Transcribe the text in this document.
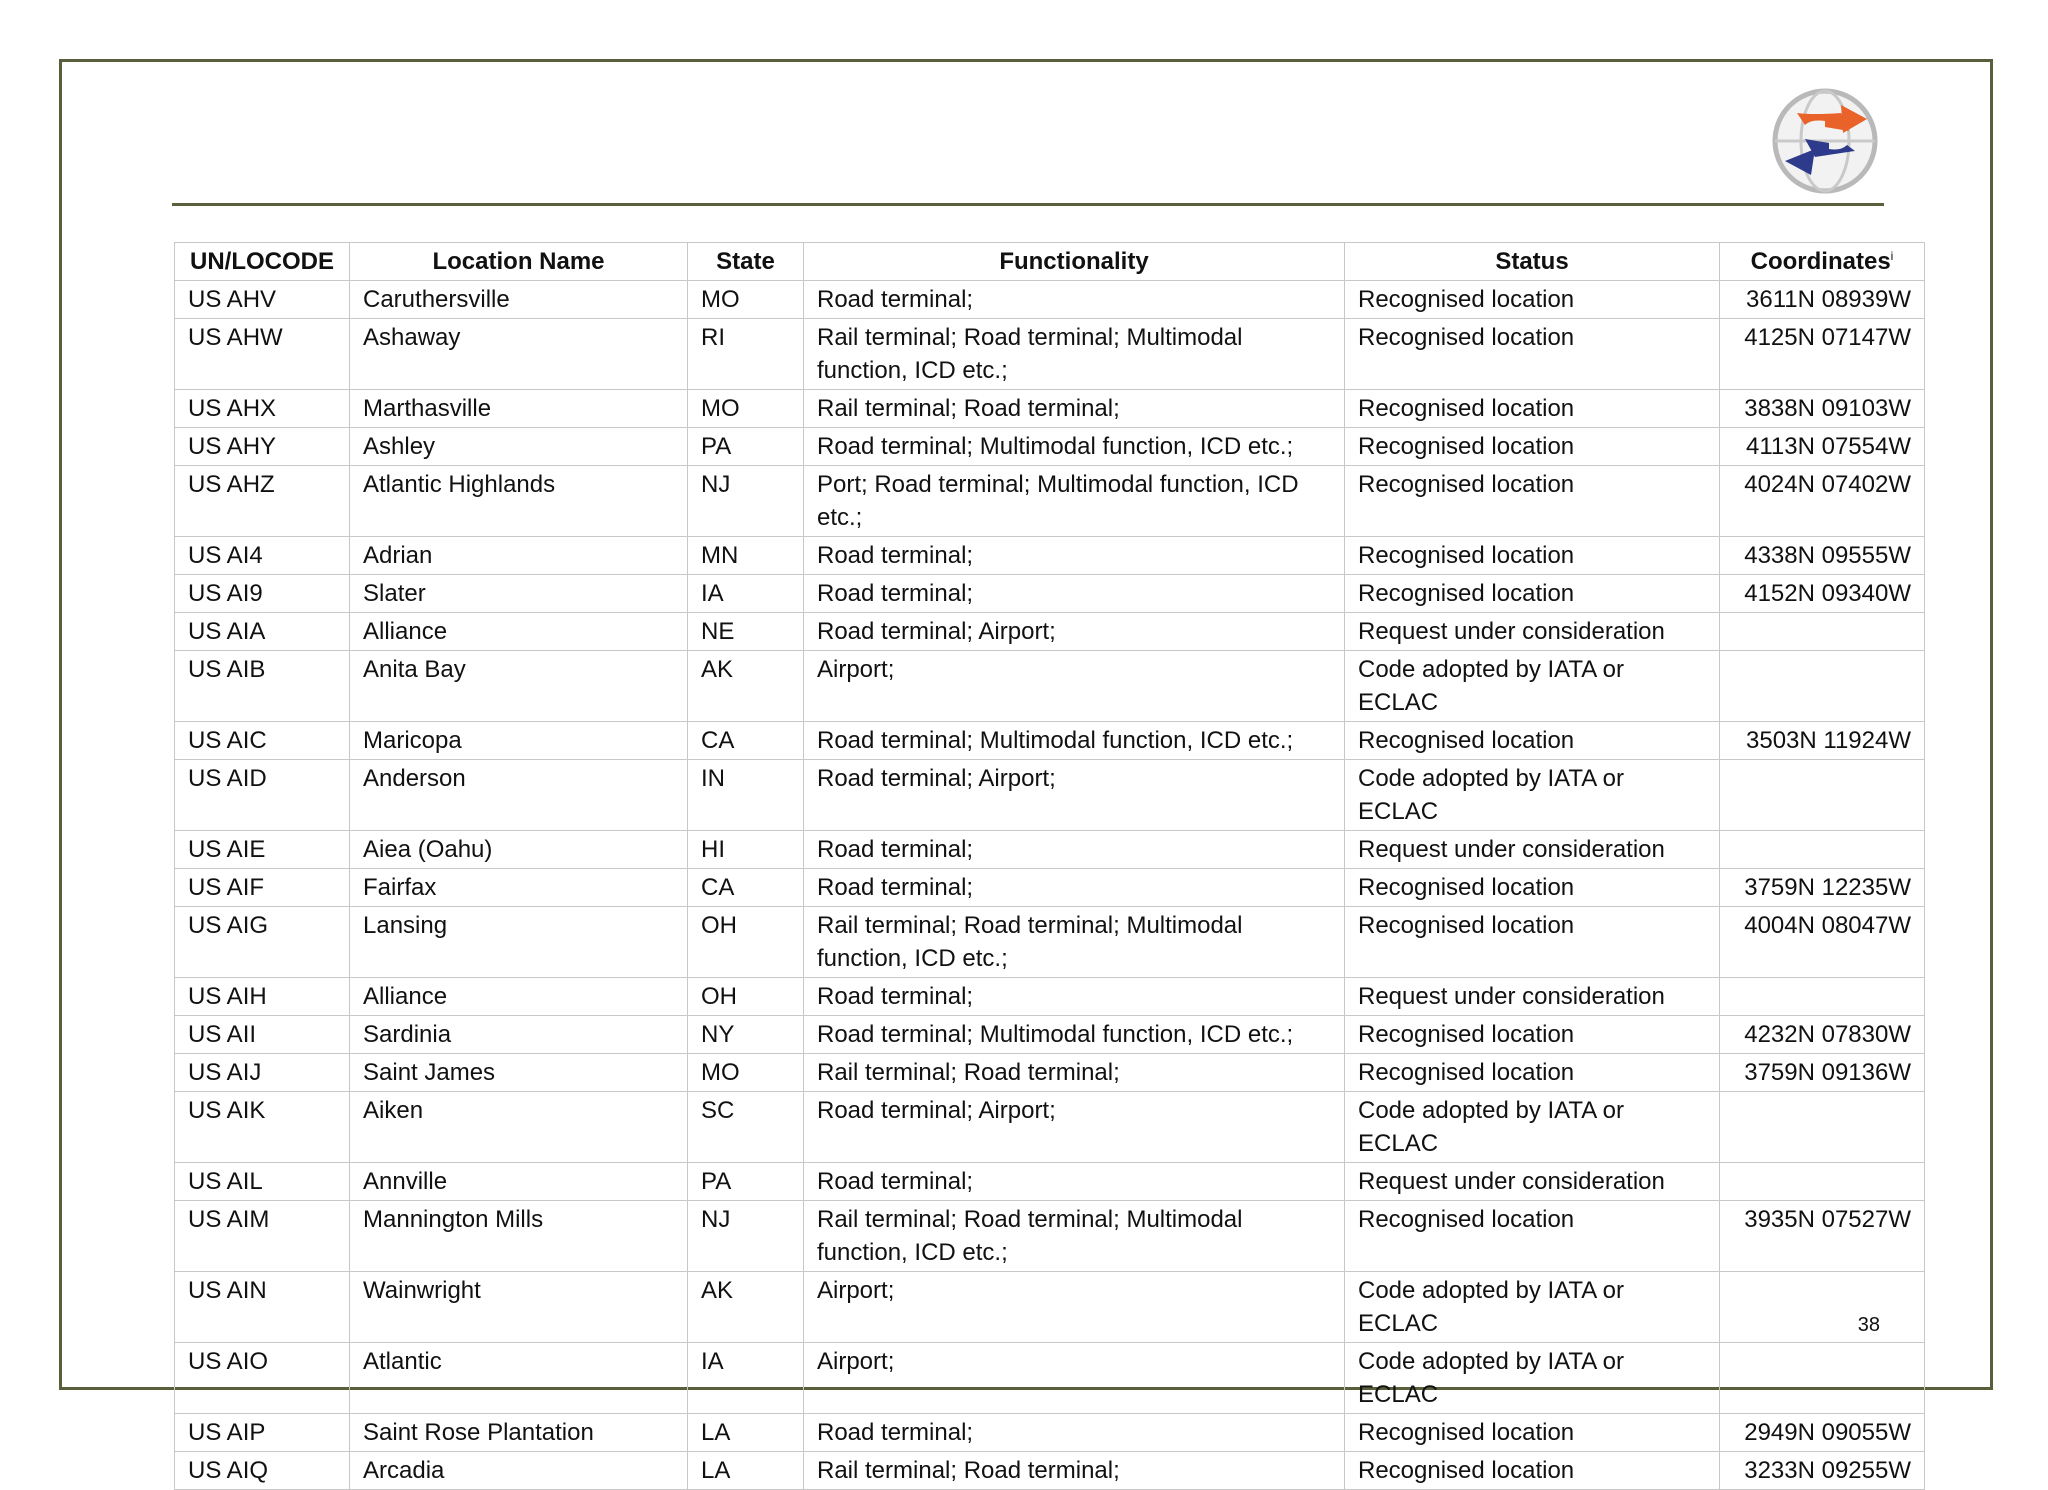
UN/LOCODE	Location Name	State	Functionality	Status	Coordinates$^i$
US AHV	Caruthersville	MO	Road terminal;	Recognised location	3611N 08939W
US AHW	Ashaway	RI	Rail terminal; Road terminal; Multimodal function, ICD etc.;	Recognised location	4125N 07147W
US AHX	Marthasville	MO	Rail terminal; Road terminal;	Recognised location	3838N 09103W
US AHY	Ashley	PA	Road terminal; Multimodal function, ICD etc.;	Recognised location	4113N 07554W
US AHZ	Atlantic Highlands	NJ	Port; Road terminal; Multimodal function, ICD etc.;	Recognised location	4024N 07402W
US AI4	Adrian	MN	Road terminal;	Recognised location	4338N 09555W
US AI9	Slater	IA	Road terminal;	Recognised location	4152N 09340W
US AIA	Alliance	NE	Road terminal; Airport;	Request under consideration	
US AIB	Anita Bay	AK	Airport;	Code adopted by IATA or ECLAC	
US AIC	Maricopa	CA	Road terminal; Multimodal function, ICD etc.;	Recognised location	3503N 11924W
US AID	Anderson	IN	Road terminal; Airport;	Code adopted by IATA or ECLAC	
US AIE	Aiea (Oahu)	HI	Road terminal;	Request under consideration	
US AIF	Fairfax	CA	Road terminal;	Recognised location	3759N 12235W
US AIG	Lansing	OH	Rail terminal; Road terminal; Multimodal function, ICD etc.;	Recognised location	4004N 08047W
US AIH	Alliance	OH	Road terminal;	Request under consideration	
US AII	Sardinia	NY	Road terminal; Multimodal function, ICD etc.;	Recognised location	4232N 07830W
US AIJ	Saint James	MO	Rail terminal; Road terminal;	Recognised location	3759N 09136W
US AIK	Aiken	SC	Road terminal; Airport;	Code adopted by IATA or ECLAC	
US AIL	Annville	PA	Road terminal;	Request under consideration	
US AIM	Mannington Mills	NJ	Rail terminal; Road terminal; Multimodal function, ICD etc.;	Recognised location	3935N 07527W
US AIN	Wainwright	AK	Airport;	Code adopted by IATA or ECLAC	
US AIO	Atlantic	IA	Airport;	Code adopted by IATA or ECLAC	
US AIP	Saint Rose Plantation	LA	Road terminal;	Recognised location	2949N 09055W
US AIQ	Arcadia	LA	Rail terminal; Road terminal;	Recognised location	3233N 09255W
38
